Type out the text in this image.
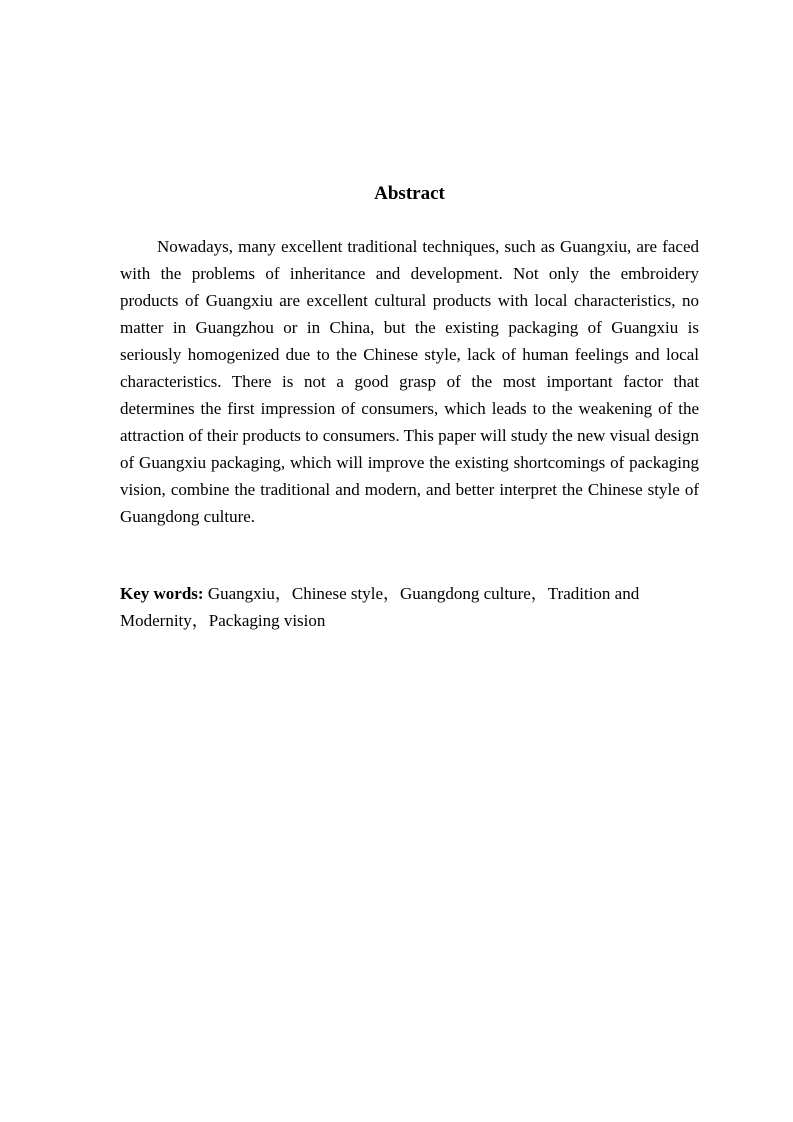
Abstract

Nowadays, many excellent traditional techniques, such as Guangxiu, are faced with the problems of inheritance and development. Not only the embroidery products of Guangxiu are excellent cultural products with local characteristics, no matter in Guangzhou or in China, but the existing packaging of Guangxiu is seriously homogenized due to the Chinese style, lack of human feelings and local characteristics. There is not a good grasp of the most important factor that determines the first impression of consumers, which leads to the weakening of the attraction of their products to consumers. This paper will study the new visual design of Guangxiu packaging, which will improve the existing shortcomings of packaging vision, combine the traditional and modern, and better interpret the Chinese style of Guangdong culture.

Key words: Guangxiu，Chinese style，Guangdong culture，Tradition and Modernity，Packaging vision
